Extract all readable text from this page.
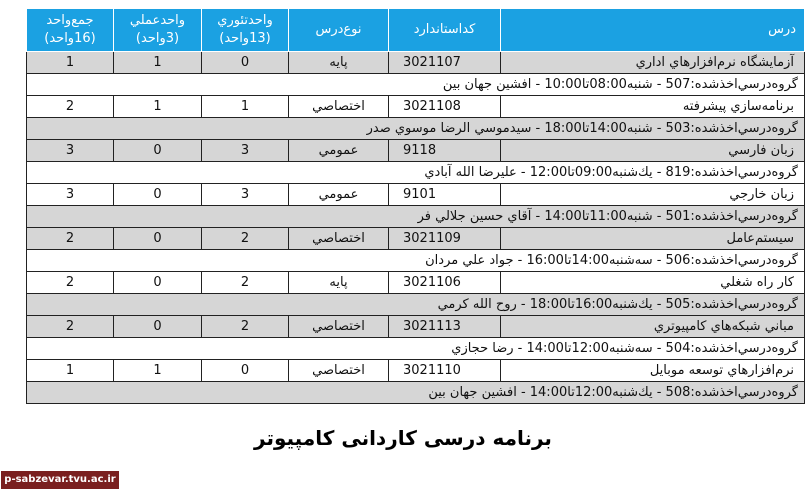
درس	كداستاندارد	نوع‌درس	واحدتئوري (13واحد)	واحدعملي (3واحد)	جمع‌واحد (16واحد)
آزمايشگاه نرم‌افزارهاي اداري	3021107	پايه	0	1	1
گروه‌درسي‌اخذشده:507 - شنبه08:00تا10:00 - افشين جهان بين					
برنامه‌سازي پيشرفته	3021108	اختصاصي	1	1	2
گروه‌درسي‌اخذشده:503 - شنبه14:00تا18:00 - سيدموسي الرضا موسوي صدر					
زبان فارسي	9118	عمومي	3	0	3
گروه‌درسي‌اخذشده:819 - يك‌شنبه09:00تا12:00 - عليرضا الله آبادي					
زبان خارجي	9101	عمومي	3	0	3
گروه‌درسي‌اخذشده:501 - شنبه11:00تا14:00 - آقاي حسين جلالي فر					
سيستم‌عامل	3021109	اختصاصي	2	0	2
گروه‌درسي‌اخذشده:506 - سه‌شنبه14:00تا16:00 - جواد علي مردان					
كار راه شغلي	3021106	پايه	2	0	2
گروه‌درسي‌اخذشده:505 - يك‌شنبه16:00تا18:00 - روح الله كرمي					
مباني شبكه‌هاي كامپيوتري	3021113	اختصاصي	2	0	2
گروه‌درسي‌اخذشده:504 - سه‌شنبه12:00تا14:00 - رضا حجازي					
نرم‌افزارهاي توسعه موبايل	3021110	اختصاصي	0	1	1
گروه‌درسي‌اخذشده:508 - يك‌شنبه12:00تا14:00 - افشين جهان بين					
برنامه درسی کاردانی کامپیوتر
p-sabzevar.tvu.ac.ir
